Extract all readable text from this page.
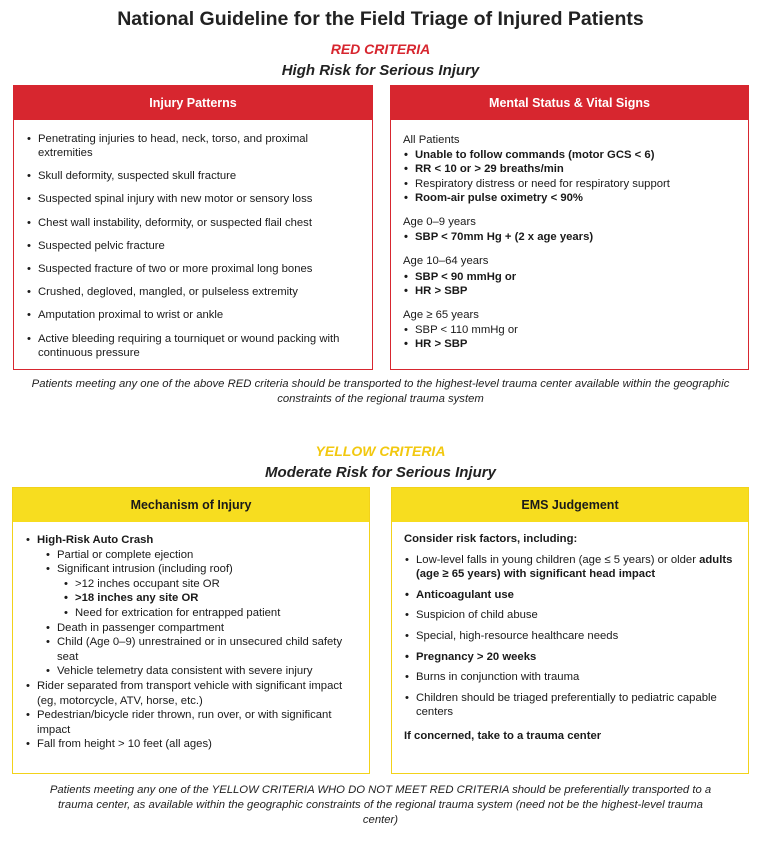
National Guideline for the Field Triage of Injured Patients
RED CRITERIA
High Risk for Serious Injury
Injury Patterns
• Penetrating injuries to head, neck, torso, and proximal extremities
• Skull deformity, suspected skull fracture
• Suspected spinal injury with new motor or sensory loss
• Chest wall instability, deformity, or suspected flail chest
• Suspected pelvic fracture
• Suspected fracture of two or more proximal long bones
• Crushed, degloved, mangled, or pulseless extremity
• Amputation proximal to wrist or ankle
• Active bleeding requiring a tourniquet or wound packing with continuous pressure
Mental Status & Vital Signs
All Patients
• Unable to follow commands (motor GCS < 6)
• RR < 10 or > 29 breaths/min
• Respiratory distress or need for respiratory support
• Room-air pulse oximetry < 90%
Age 0–9 years
• SBP < 70mm Hg + (2 x age years)
Age 10–64 years
• SBP < 90 mmHg or
• HR > SBP
Age ≥ 65 years
• SBP < 110 mmHg or
• HR > SBP
Patients meeting any one of the above RED criteria should be transported to the highest-level trauma center available within the geographic constraints of the regional trauma system
YELLOW CRITERIA
Moderate Risk for Serious Injury
Mechanism of Injury
• High-Risk Auto Crash
• Partial or complete ejection
• Significant intrusion (including roof)
• >12 inches occupant site OR
• >18 inches any site OR
• Need for extrication for entrapped patient
• Death in passenger compartment
• Child (Age 0–9) unrestrained or in unsecured child safety seat
• Vehicle telemetry data consistent with severe injury
• Rider separated from transport vehicle with significant impact (eg, motorcycle, ATV, horse, etc.)
• Pedestrian/bicycle rider thrown, run over, or with significant impact
• Fall from height > 10 feet (all ages)
EMS Judgement
Consider risk factors, including:
• Low-level falls in young children (age ≤ 5 years) or older adults (age ≥ 65 years) with significant head impact
• Anticoagulant use
• Suspicion of child abuse
• Special, high-resource healthcare needs
• Pregnancy > 20 weeks
• Burns in conjunction with trauma
• Children should be triaged preferentially to pediatric capable centers
If concerned, take to a trauma center
Patients meeting any one of the YELLOW CRITERIA WHO DO NOT MEET RED CRITERIA should be preferentially transported to a trauma center, as available within the geographic constraints of the regional trauma system (need not be the highest-level trauma center)
